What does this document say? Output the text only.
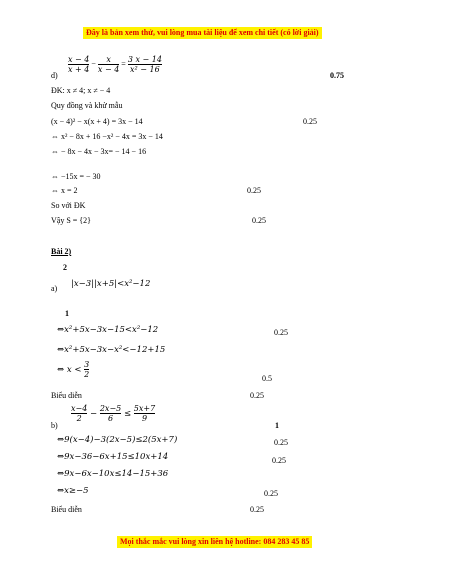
Đây là bản xem thử, vui lòng mua tài liệu để xem chi tiết (có lời giải)
d)
$\frac{x - 4}{x + 4} - \frac{x}{x - 4} = \frac{3 x - 14}{\text{x² − 16}}$
0.75
ĐK: x ≠ 4; x ≠ − 4
Quy đồng và khử mẫu
(x − 4)² − x(x + 4) = 3x − 14	0.25
⇔ x² − 8x + 16 −x² − 4x = 3x − 14
⇔ − 8x − 4x − 3x= − 14 − 16
⇔ −15x = − 30
⇔ x = 2	0.25
So với ĐK
Vậy S = {2}	0.25
Bài 2)
2
a) |x−3||x+5|<x²−12
1
⇔x²+5x−3x−15<x²−12	0.25
⇔x²+5x−3x−x²<−12+15
⇔ $x < \frac{3}{2}$	0.5
Biểu diễn	0.25
b)
$\frac{x-4}{2} - \frac{2x-5}{6} \le \frac{5x+7}{9}$
1
⇔9(x−4)−3(2x−5)≤2(5x+7)	0.25
⇔9x−36−6x+15≤10x+14	0.25
⇔9x−6x−10x≤14−15+36
⇔x≥−5	0.25
Biểu diễn	0.25
Mọi thắc mắc vui lòng xin liên hệ hotline: 084 283 45 85
